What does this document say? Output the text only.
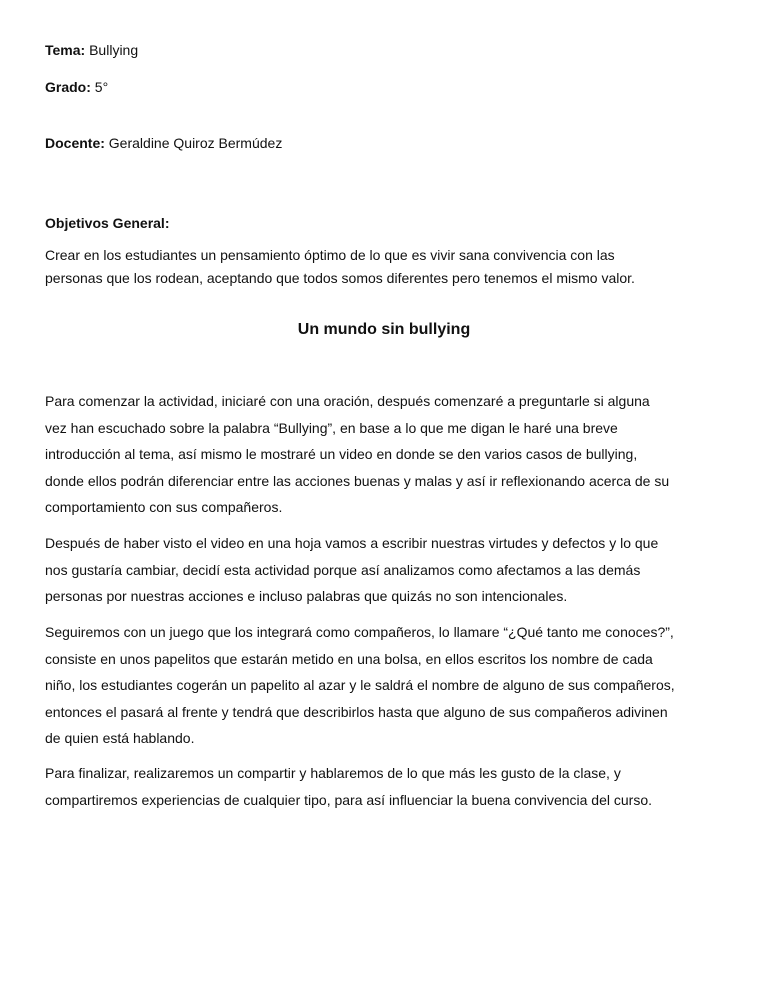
Tema: Bullying
Grado: 5°
Docente: Geraldine Quiroz Bermúdez
Objetivos General:
Crear en los estudiantes un pensamiento óptimo de lo que es vivir sana convivencia con las
personas que los rodean, aceptando que todos somos diferentes pero tenemos el mismo valor.
Un mundo sin bullying
Para comenzar la actividad, iniciaré con una oración, después comenzaré a preguntarle si alguna
vez han escuchado sobre la palabra “Bullying”, en base a lo que me digan le haré una breve
introducción al tema, así mismo le mostraré un video en donde se den varios casos de bullying,
donde ellos podrán diferenciar entre las acciones buenas y malas y así ir reflexionando acerca de su
comportamiento con sus compañeros.
Después de haber visto el video en una hoja vamos a escribir nuestras virtudes y defectos y lo que
nos gustaría cambiar, decidí esta actividad porque así analizamos como afectamos a las demás
personas por nuestras acciones e incluso palabras que quizás no son intencionales.
Seguiremos con un juego que los integrará como compañeros, lo llamare “¿Qué tanto me conoces?”,
consiste en unos papelitos que estarán metido en una bolsa, en ellos escritos los nombre de cada
niño, los estudiantes cogerán un papelito al azar y le saldrá el nombre de alguno de sus compañeros,
entonces el pasará al frente y tendrá que describirlos hasta que alguno de sus compañeros adivinen
de quien está hablando.
Para finalizar, realizaremos un compartir y hablaremos de lo que más les gusto de la clase, y
compartiremos experiencias de cualquier tipo, para así influenciar la buena convivencia del curso.
